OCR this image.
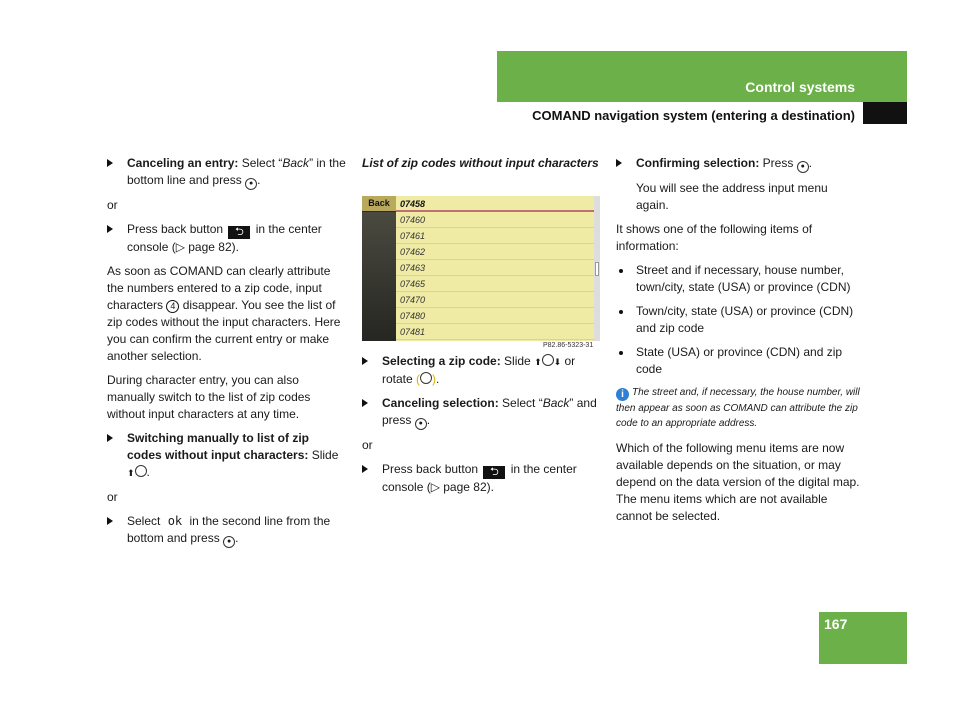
Control systems
COMAND navigation system (entering a destination)
Canceling an entry: Select “Back” in the bottom line and press ● .

or

Press back button ⮌ in the center console (▷ page 82).

As soon as COMAND can clearly attribute the numbers entered to a zip code, input characters 4 disappear. You see the list of zip codes without the input characters. Here you can confirm the current entry or make another selection.

During character entry, you can also manually switch to the list of zip codes without input characters at any time.

Switching manually to list of zip codes without input characters: Slide ⬆ .

or

Select ok in the second line from the bottom and press ● .
List of zip codes without input characters
Back	07458
07460
07461
07462
07463
07465
07470
07480
07481
P82.86-5323-31
Selecting a zip code: Slide ⬆ ⬇ or rotate ( ).
Canceling selection: Select “Back” and press ● .

or

Press back button ⮌ in the center console (▷ page 82).
Confirming selection: Press ● .
You will see the address input menu again.

It shows one of the following items of information:

Street and if necessary, house number, town/city, state (USA) or province (CDN)
Town/city, state (USA) or province (CDN) and zip code
State (USA) or province (CDN) and zip code
i The street and, if necessary, the house number, will then appear as soon as COMAND can attribute the zip code to an appropriate address.

Which of the following menu items are now available depends on the situation, or may depend on the data version of the digital map. The menu items which are not available cannot be selected.

167
